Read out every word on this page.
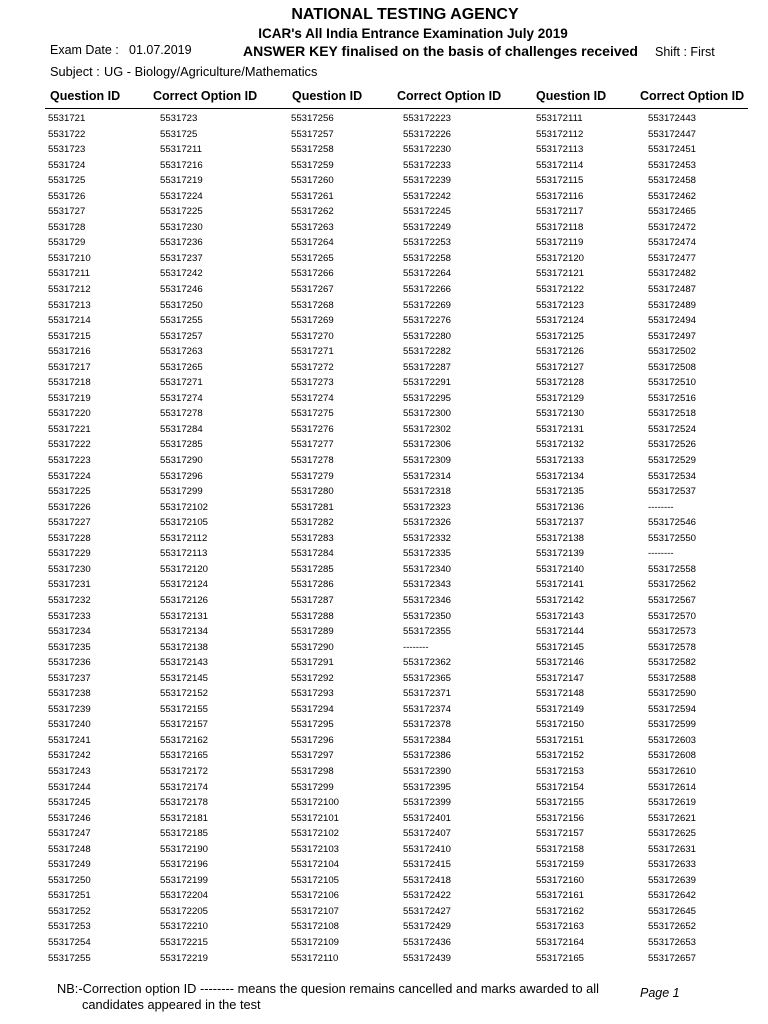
NATIONAL TESTING AGENCY
ICAR's All India Entrance Examination July 2019
Exam Date : 01.07.2019	ANSWER KEY finalised on the basis of challenges received Shift : First
Subject : UG - Biology/Agriculture/Mathematics
Question ID	Correct Option ID	Question ID	Correct Option ID	Question ID	Correct Option ID
5531721	5531723	55317256	553172223	553172111	553172443
5531722	5531725	55317257	553172226	553172112	553172447
5531723	55317211	55317258	553172230	553172113	553172451
5531724	55317216	55317259	553172233	553172114	553172453
5531725	55317219	55317260	553172239	553172115	553172458
5531726	55317224	55317261	553172242	553172116	553172462
5531727	55317225	55317262	553172245	553172117	553172465
5531728	55317230	55317263	553172249	553172118	553172472
5531729	55317236	55317264	553172253	553172119	553172474
55317210	55317237	55317265	553172258	553172120	553172477
55317211	55317242	55317266	553172264	553172121	553172482
55317212	55317246	55317267	553172266	553172122	553172487
55317213	55317250	55317268	553172269	553172123	553172489
55317214	55317255	55317269	553172276	553172124	553172494
55317215	55317257	55317270	553172280	553172125	553172497
55317216	55317263	55317271	553172282	553172126	553172502
55317217	55317265	55317272	553172287	553172127	553172508
55317218	55317271	55317273	553172291	553172128	553172510
55317219	55317274	55317274	553172295	553172129	553172516
55317220	55317278	55317275	553172300	553172130	553172518
55317221	55317284	55317276	553172302	553172131	553172524
55317222	55317285	55317277	553172306	553172132	553172526
55317223	55317290	55317278	553172309	553172133	553172529
55317224	55317296	55317279	553172314	553172134	553172534
55317225	55317299	55317280	553172318	553172135	553172537
55317226	553172102	55317281	553172323	553172136	--------
55317227	553172105	55317282	553172326	553172137	553172546
55317228	553172112	55317283	553172332	553172138	553172550
55317229	553172113	55317284	553172335	553172139	--------
55317230	553172120	55317285	553172340	553172140	553172558
55317231	553172124	55317286	553172343	553172141	553172562
55317232	553172126	55317287	553172346	553172142	553172567
55317233	553172131	55317288	553172350	553172143	553172570
55317234	553172134	55317289	553172355	553172144	553172573
55317235	553172138	55317290	--------	553172145	553172578
55317236	553172143	55317291	553172362	553172146	553172582
55317237	553172145	55317292	553172365	553172147	553172588
55317238	553172152	55317293	553172371	553172148	553172590
55317239	553172155	55317294	553172374	553172149	553172594
55317240	553172157	55317295	553172378	553172150	553172599
55317241	553172162	55317296	553172384	553172151	553172603
55317242	553172165	55317297	553172386	553172152	553172608
55317243	553172172	55317298	553172390	553172153	553172610
55317244	553172174	55317299	553172395	553172154	553172614
55317245	553172178	553172100	553172399	553172155	553172619
55317246	553172181	553172101	553172401	553172156	553172621
55317247	553172185	553172102	553172407	553172157	553172625
55317248	553172190	553172103	553172410	553172158	553172631
55317249	553172196	553172104	553172415	553172159	553172633
55317250	553172199	553172105	553172418	553172160	553172639
55317251	553172204	553172106	553172422	553172161	553172642
55317252	553172205	553172107	553172427	553172162	553172645
55317253	553172210	553172108	553172429	553172163	553172652
55317254	553172215	553172109	553172436	553172164	553172653
55317255	553172219	553172110	553172439	553172165	553172657
NB:-Correction option ID -------- means the quesion remains cancelled and marks awarded to all
candidates appeared in the test
Page 1
